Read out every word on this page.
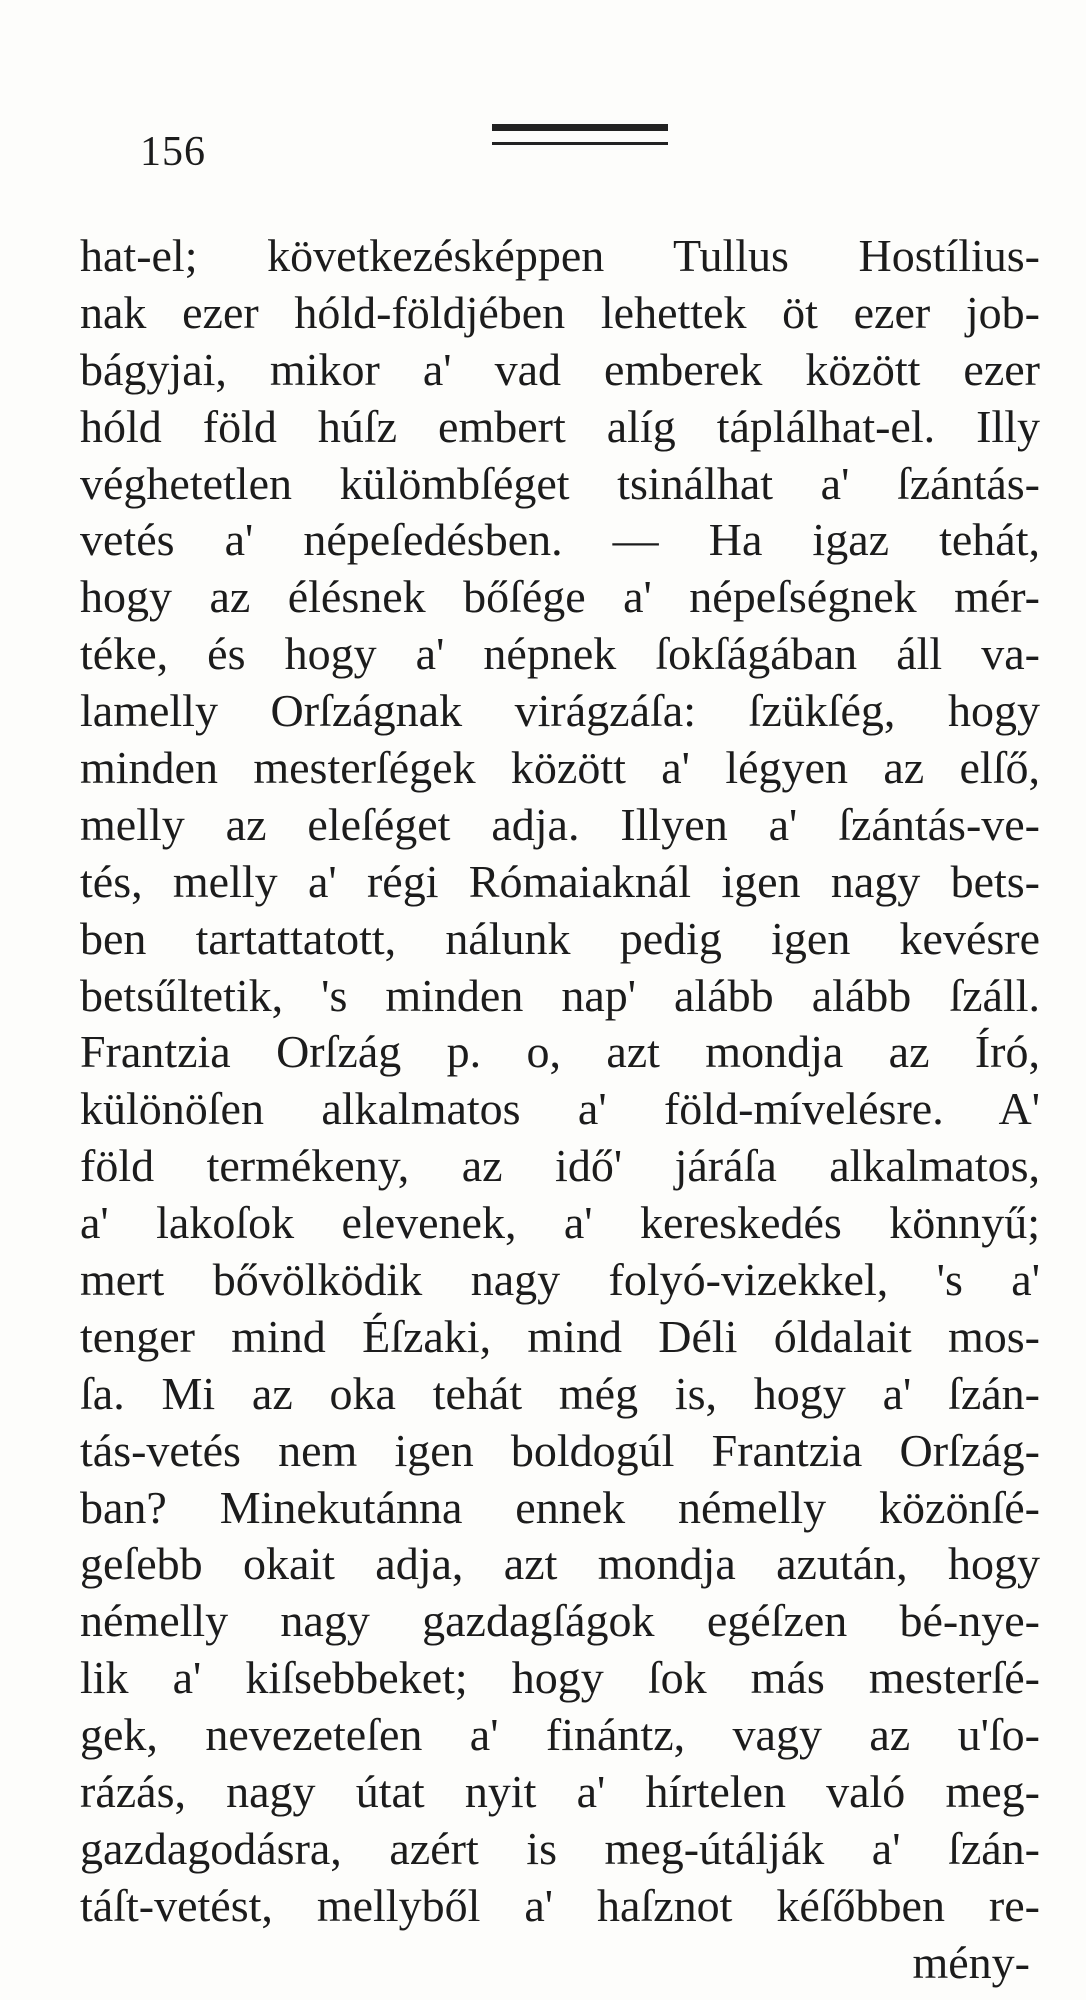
156
hat-el; következésképpen Tullus Hostílius-
nak ezer hóld-földjében lehettek öt ezer job-
bágyjai, mikor a' vad emberek között ezer
hóld föld húſz embert alíg táplálhat-el. Illy
véghetetlen külömbſéget tsinálhat a' ſzántás-
vetés a' népeſedésben. — Ha igaz tehát,
hogy az élésnek bőſége a' népeſségnek mér-
téke, és hogy a' népnek ſokſágában áll va-
lamelly Orſzágnak virágzáſa: ſzükſég, hogy
minden mesterſégek között a' légyen az elſő,
melly az eleſéget adja. Illyen a' ſzántás-ve-
tés, melly a' régi Rómaiaknál igen nagy bets-
ben tartattatott, nálunk pedig igen kevésre
betsűltetik, 's minden nap' alább alább ſzáll.
Frantzia Orſzág p. o, azt mondja az Író,
különöſen alkalmatos a' föld-mívelésre. A'
föld termékeny, az idő' járáſa alkalmatos,
a' lakoſok elevenek, a' kereskedés könnyű;
mert bővölködik nagy folyó-vizekkel, 's a'
tenger mind Éſzaki, mind Déli óldalait mos-
ſa. Mi az oka tehát még is, hogy a' ſzán-
tás-vetés nem igen boldogúl Frantzia Orſzág-
ban? Minekutánna ennek némelly közönſé-
geſebb okait adja, azt mondja azután, hogy
némelly nagy gazdagſágok egéſzen bé-nye-
lik a' kiſsebbeket; hogy ſok más mesterſé-
gek, nevezeteſen a' finántz, vagy az u'ſo-
rázás, nagy útat nyit a' hírtelen való meg-
gazdagodásra, azért is meg-útálják a' ſzán-
táſt-vetést, mellyből a' haſznot kéſőbben re-
mény-
